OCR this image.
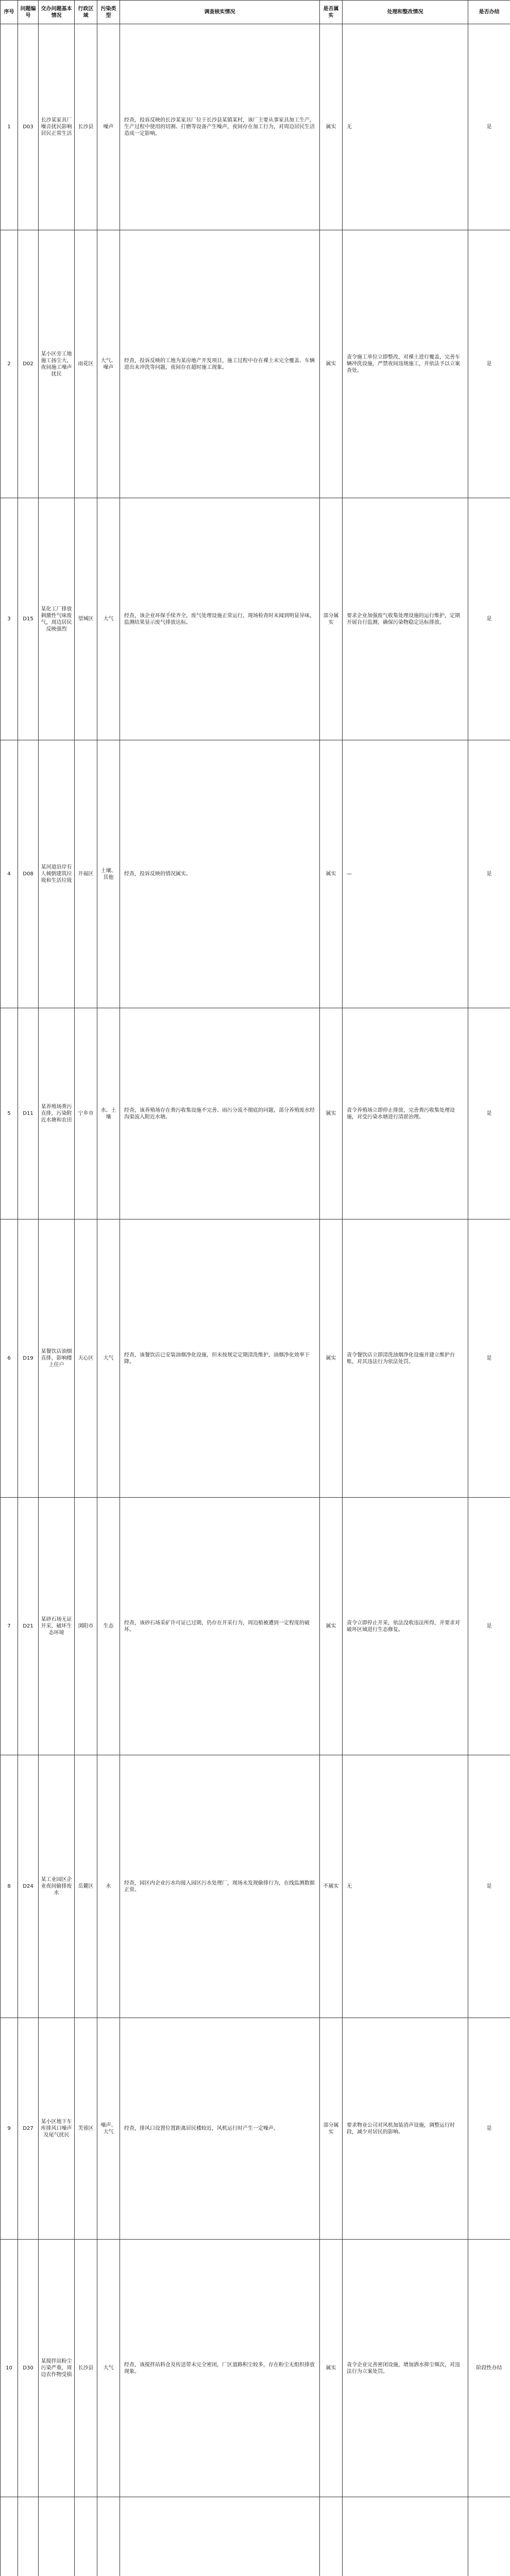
序号	问题编号	交办问题基本情况	行政区域	污染类型	调查核实情况	是否属实	处理和整改情况	是否办结
1	D03	长沙某家具厂噪音扰民影响居民正常生活	长沙县	噪声	经查，投诉反映的长沙某家具厂位于长沙县某镇某村，该厂主要从事家具加工生产，生产过程中使用的切割、打磨等设备产生噪声，夜间存在加工行为，对周边居民生活造成一定影响。	属实	无	是
2	D02	某小区旁工地施工扬尘大，夜间施工噪声扰民	雨花区	大气、噪声	经查，投诉反映的工地为某房地产开发项目，施工过程中存在裸土未完全覆盖、车辆进出未冲洗等问题，夜间存在超时施工现象。	属实	责令施工单位立即整改，对裸土进行覆盖，完善车辆冲洗设施，严禁夜间违规施工，并依法予以立案查处。	是
3	D15	某化工厂排放刺激性气味废气，周边居民反映强烈	望城区	大气	经查，该企业环保手续齐全，废气处理设施正常运行，现场检查时未闻到明显异味，监测结果显示废气排放达标。	部分属实	要求企业加强废气收集处理设施的运行维护，定期开展自行监测，确保污染物稳定达标排放。	是
4	D08	某河道沿岸有人倾倒建筑垃圾和生活垃圾	开福区	土壤、其他	经查，投诉反映的情况属实。	属实	—	是
5	D11	某养殖场粪污直排，污染附近水塘和农田	宁乡市	水、土壤	经查，该养殖场存在粪污收集设施不完善、雨污分流不彻底的问题，部分养殖废水经沟渠流入附近水塘。	属实	责令养殖场立即停止排放，完善粪污收集处理设施，对受污染水塘进行清淤治理。	是
6	D19	某餐饮店油烟直排，影响楼上住户	天心区	大气	经查，该餐饮店已安装油烟净化设施，但未按规定定期清洗维护，油烟净化效率下降。	属实	责令餐饮店立即清洗油烟净化设施并建立维护台账，对其违法行为依法处罚。	是
7	D21	某砂石场无证开采，破坏生态环境	浏阳市	生态	经查，该砂石场采矿许可证已过期，仍存在开采行为，周边植被遭到一定程度的破坏。	属实	责令立即停止开采，依法没收违法所得，并要求对破坏区域进行生态修复。	是
8	D24	某工业园区企业夜间偷排废水	岳麓区	水	经查，园区内企业污水均接入园区污水处理厂，现场未发现偷排行为，在线监测数据正常。	不属实	无	是
9	D27	某小区地下车库排风口噪声及尾气扰民	芙蓉区	噪声、大气	经查，排风口设置位置距离居民楼较近，风机运行时产生一定噪声。	部分属实	要求物业公司对风机加装消声设施，调整运行时段，减少对居民的影响。	是
10	D30	某搅拌站粉尘污染严重，周边农作物受损	长沙县	大气	经查，该搅拌站料仓及传送带未完全密闭，厂区道路积尘较多，存在粉尘无组织排放现象。	属实	责令企业完善密闭设施，增加洒水抑尘频次，对违法行为立案处罚。	阶段性办结
